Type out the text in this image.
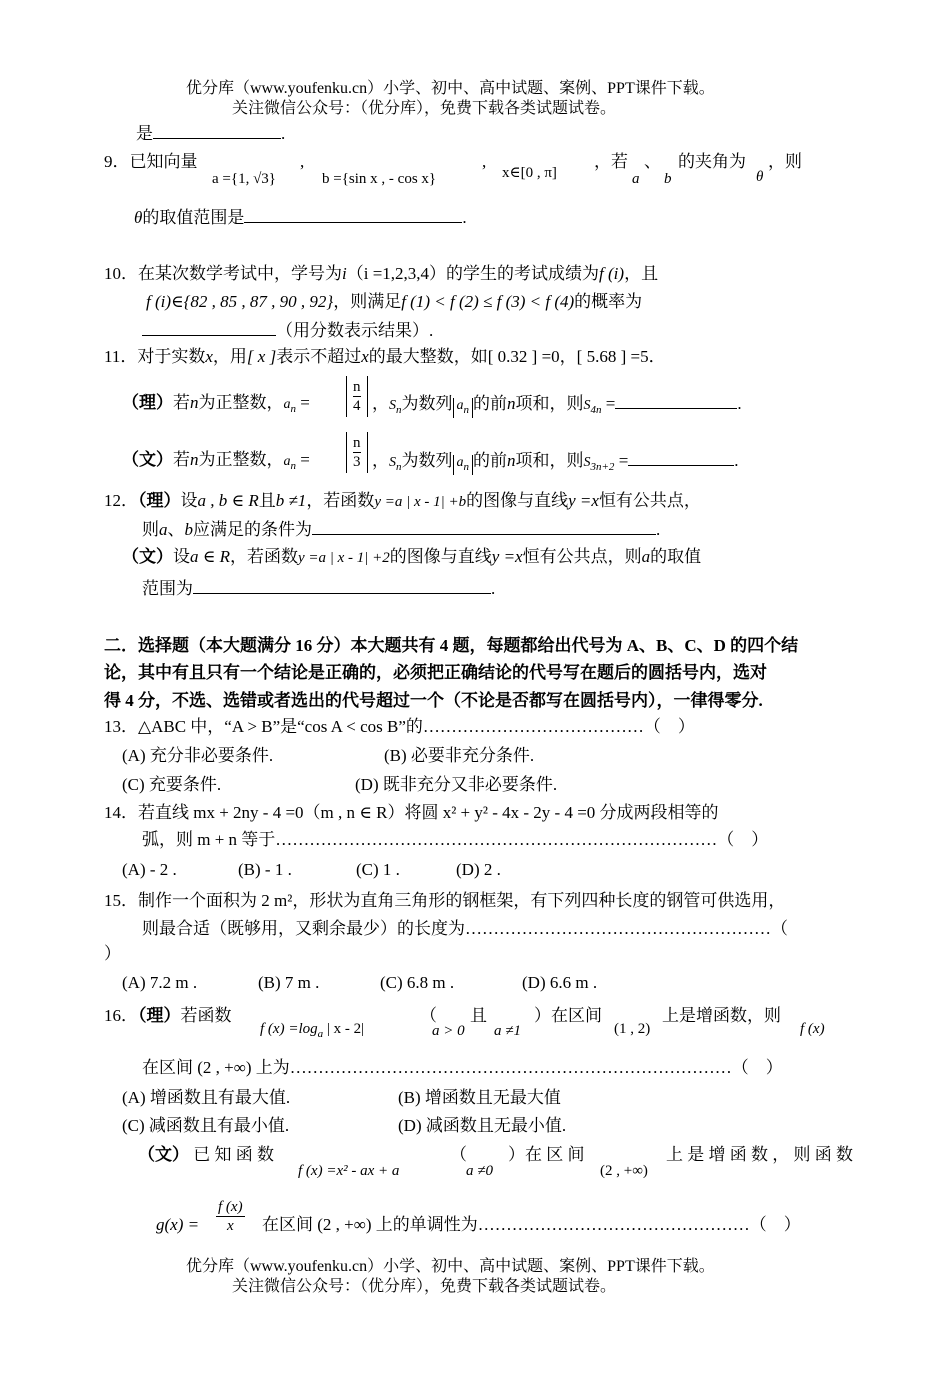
优分库（www.youfenku.cn）小学、初中、高中试题、案例、PPT课件下载。
关注微信公众号：（优分库），免费下载各类试题试卷。
是	.
9．已知向量
a ={1, √3}
,
b ={sin x , - cos x}
,
x∈[0 , π]
，若
a
、
b
的夹角为
θ
，则
θ的取值范围是	.
10．在某次数学考试中，学号为i（i =1,2,3,4）的学生的考试成绩为f (i)，且
f (i)∈{82 , 85 , 87 , 90 , 92}，则满足f (1) < f (2) ≤ f (3) < f (4)的概率为
（用分数表示结果）.
11．对于实数x，用[ x ]表示不超过x的最大整数，如[ 0.32 ] =0，[ 5.68 ] =5．
（理）若n为正整数，$a_n = \frac{n}{4}$ ，$S_n$为数列 $a_n$ 的前n项和，则$S_{4n}$ =	.
（文）若n为正整数，$a_n = \frac{n}{3}$ ，$S_n$为数列 $a_n$ 的前n项和，则$S_{3n+2}$ =	.
12．（理）设a , b ∈ R且b ≠1，若函数y =a | x - 1| +b的图像与直线y =x恒有公共点，
则a、b应满足的条件为	.
（文）设a ∈ R，若函数y =a | x - 1| +2的图像与直线y =x恒有公共点，则a的取值
范围为	.
二．选择题（本大题满分 16 分）本大题共有 4 题，每题都给出代号为 A、B、C、D 的四个结
论，其中有且只有一个结论是正确的，必须把正确结论的代号写在题后的圆括号内，选对
得 4 分，不选、选错或者选出的代号超过一个（不论是否都写在圆括号内），一律得零分.
13．△ABC 中，“A > B”是“cos A < cos B”的…………………………………（　）
(A) 充分非必要条件.	(B) 必要非充分条件.
(C) 充要条件.	(D) 既非充分又非必要条件.
14．若直线 mx + 2ny - 4 =0（m , n ∈ R）将圆 x² + y² - 4x - 2y - 4 =0 分成两段相等的
弧，则 m + n 等于……………………………………………………………………（　）
(A) - 2 .	(B) - 1 .	(C) 1 .	(D) 2 .
15．制作一个面积为 2 m²，形状为直角三角形的钢框架，有下列四种长度的钢管可供选用，
则最合适（既够用，又剩余最少）的长度为………………………………………………（
）
(A) 7.2 m .	(B) 7 m .	(C) 6.8 m .	(D) 6.6 m .
16．（理）若函数
f $(x) =\log_a$ | x - 2|
（
a > 0
且
a ≠1
）在区间
(1 , 2)
上是增函数，则
f (x)
在区间 (2 , +∞) 上为……………………………………………………………………（　）
(A) 增函数且有最大值.	(B) 增函数且无最大值
(C) 减函数且有最小值.	(D) 减函数且无最小值.
（文） 已 知 函 数
f (x) =x² - ax + a
（
a ≠0
）在 区 间
(2 , +∞)
上 是 增 函 数 ， 则 函 数
$g(x) = \frac{f (x)}{x}$ 在区间 (2 , +∞) 上的单调性为…………………………………………（　）
优分库（www.youfenku.cn）小学、初中、高中试题、案例、PPT课件下载。
关注微信公众号：（优分库），免费下载各类试题试卷。
